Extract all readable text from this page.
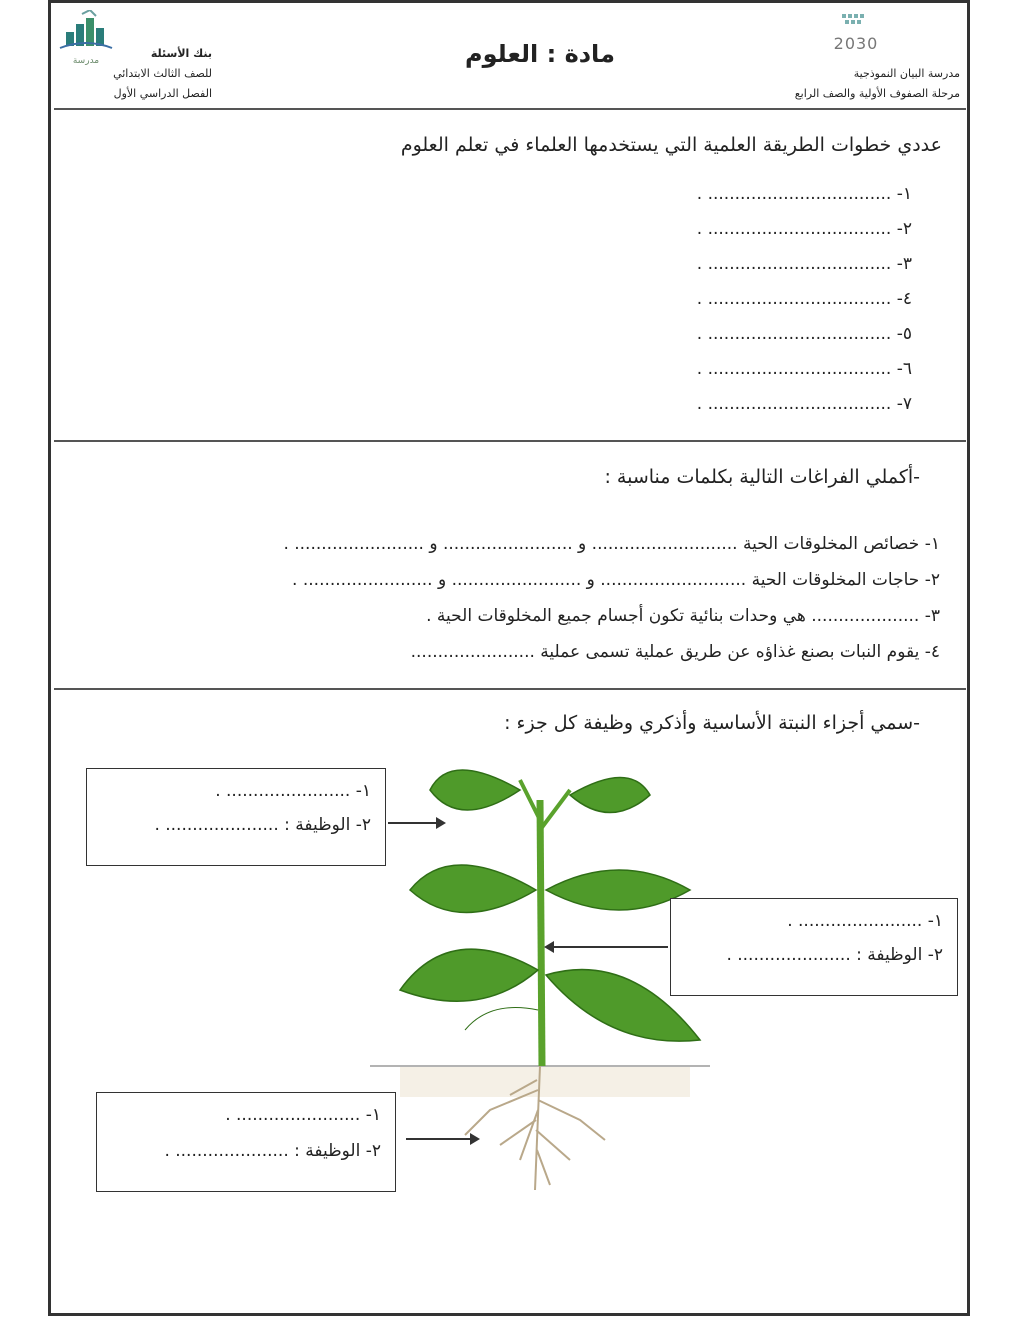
مدرسة
بنك الأسئلة
للصف الثالث الابتدائي
الفصل الدراسي الأول
مادة : العلوم	2030
مدرسة البيان النموذجية
مرحلة الصفوف الأولية والصف الرابع
عددي خطوات الطريقة العلمية التي يستخدمها العلماء في تعلم العلوم
١- .................................. .
٢- .................................. .
٣- .................................. .
٤- .................................. .
٥- .................................. .
٦- .................................. .
٧- .................................. .
-أكملي الفراغات التالية بكلمات مناسبة :
١- خصائص المخلوقات الحية ........................... و ........................ و ........................ .
٢- حاجات المخلوقات الحية ........................... و ........................ و ........................ .
٣- .................... هي وحدات بنائية تكون أجسام جميع المخلوقات الحية .
٤- يقوم النبات بصنع غذاؤه عن طريق عملية تسمى عملية .......................
-سمي أجزاء النبتة الأساسية وأذكري وظيفة كل جزء :
١- ....................... .
٢- الوظيفة : ..................... .
١- ....................... .
٢- الوظيفة : ..................... .
١- ....................... .
٢- الوظيفة : ..................... .
